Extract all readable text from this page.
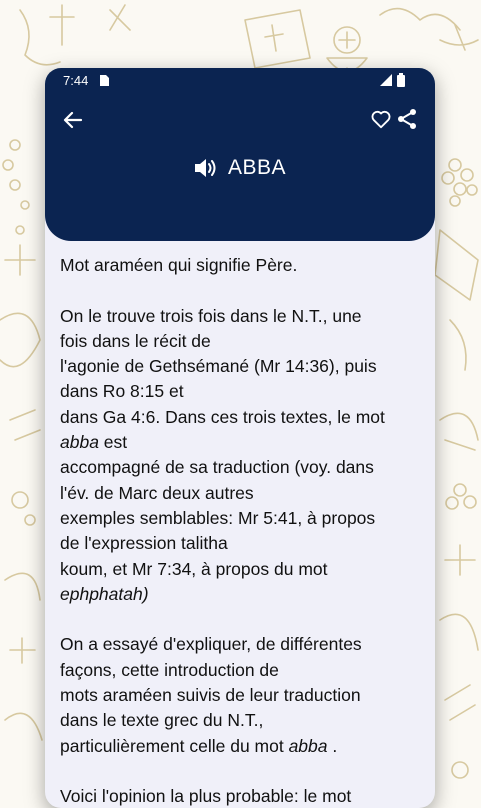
7:44
ABBA
Mot araméen qui signifie Père.
On le trouve trois fois dans le N.T., une
fois dans le récit de
l'agonie de Gethsémané (Mr 14:36), puis
dans Ro 8:15 et
dans Ga 4:6. Dans ces trois textes, le mot
abba est
accompagné de sa traduction (voy. dans
l'év. de Marc deux autres
exemples semblables: Mr 5:41, à propos
de l'expression talitha
koum, et Mr 7:34, à propos du mot
ephphatah)
On a essayé d'expliquer, de différentes
façons, cette introduction de
mots araméen suivis de leur traduction
dans le texte grec du N.T.,
particulièrement celle du mot abba .
Voici l'opinion la plus probable: le mot
